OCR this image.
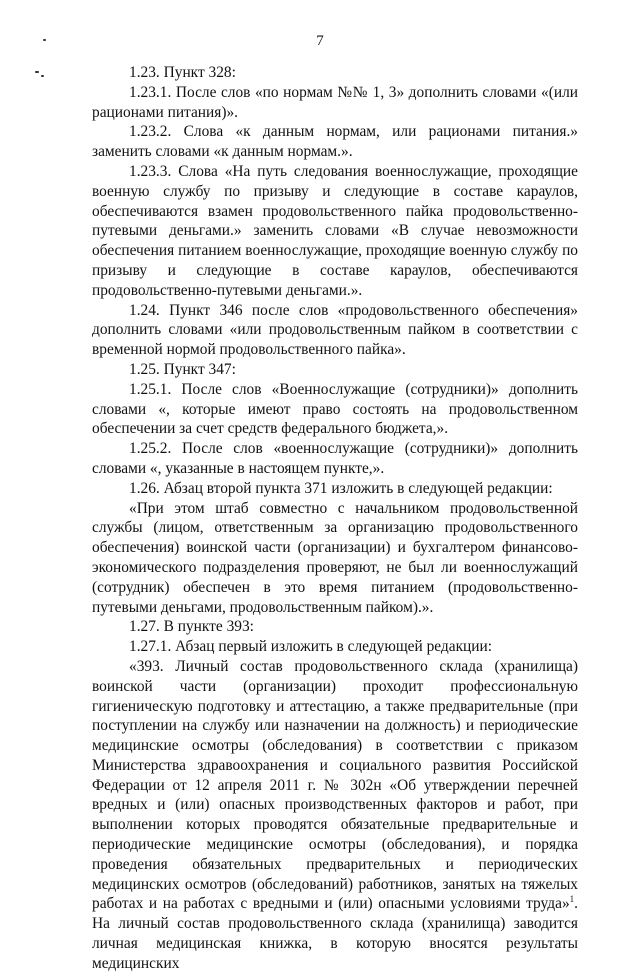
7

1.23. Пункт 328:

1.23.1. После слов «по нормам №№ 1, 3» дополнить словами «(или рационами питания)».

1.23.2. Слова «к данным нормам, или рационами питания.» заменить словами «к данным нормам.».

1.23.3. Слова «На путь следования военнослужащие, проходящие военную службу по призыву и следующие в составе караулов, обеспечиваются взамен продовольственного пайка продовольственно-путевыми деньгами.» заменить словами «В случае невозможности обеспечения питанием военнослужащие, проходящие военную службу по призыву и следующие в составе караулов, обеспечиваются продовольственно-путевыми деньгами.».

1.24. Пункт 346 после слов «продовольственного обеспечения» дополнить словами «или продовольственным пайком в соответствии с временной нормой продовольственного пайка».

1.25. Пункт 347:

1.25.1. После слов «Военнослужащие (сотрудники)» дополнить словами «, которые имеют право состоять на продовольственном обеспечении за счет средств федерального бюджета,».

1.25.2. После слов «военнослужащие (сотрудники)» дополнить словами «, указанные в настоящем пункте,».

1.26. Абзац второй пункта 371 изложить в следующей редакции:

«При этом штаб совместно с начальником продовольственной службы (лицом, ответственным за организацию продовольственного обеспечения) воинской части (организации) и бухгалтером финансово-экономического подразделения проверяют, не был ли военнослужащий (сотрудник) обеспечен в это время питанием (продовольственно-путевыми деньгами, продовольственным пайком).».

1.27. В пункте 393:

1.27.1. Абзац первый изложить в следующей редакции:

«393. Личный состав продовольственного склада (хранилища) воинской части (организации) проходит профессиональную гигиеническую подготовку и аттестацию, а также предварительные (при поступлении на службу или назначении на должность) и периодические медицинские осмотры (обследования) в соответствии с приказом Министерства здравоохранения и социального развития Российской Федерации от 12 апреля 2011 г. № 302н «Об утверждении перечней вредных и (или) опасных производственных факторов и работ, при выполнении которых проводятся обязательные предварительные и периодические медицинские осмотры (обследования), и порядка проведения обязательных предварительных и периодических медицинских осмотров (обследований) работников, занятых на тяжелых работах и на работах с вредными и (или) опасными условиями труда»$^1$. На личный состав продовольственного склада (хранилища) заводится личная медицинская книжка, в которую вносятся результаты медицинских
